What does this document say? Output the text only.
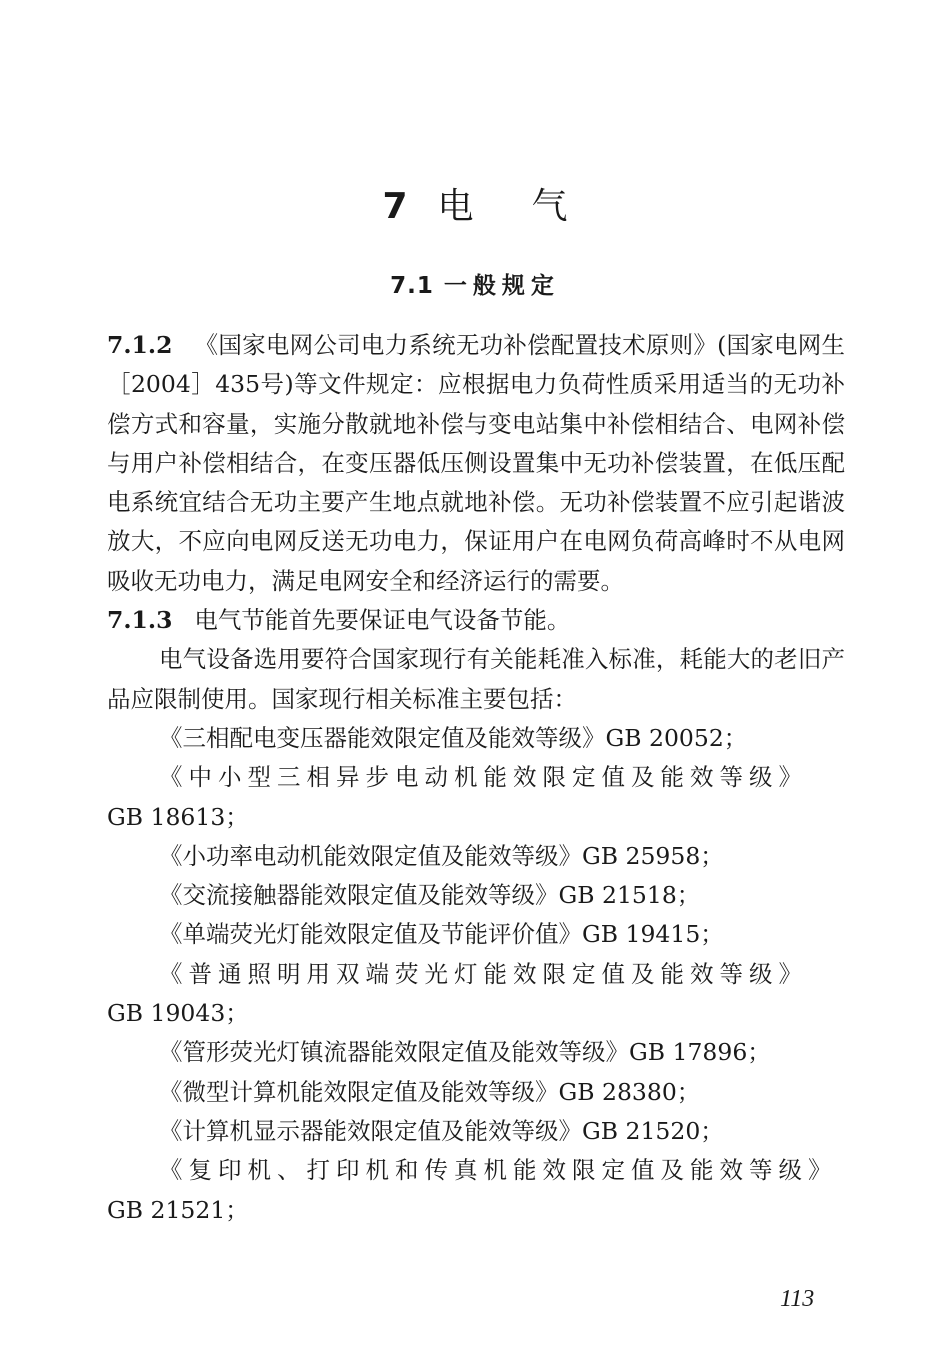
7 电 气
7.1 一般规定

7.1.2 《国家电网公司电力系统无功补偿配置技术原则》(国家电网生［2004］435号)等文件规定：应根据电力负荷性质采用适当的无功补偿方式和容量，实施分散就地补偿与变电站集中补偿相结合、电网补偿与用户补偿相结合，在变压器低压侧设置集中无功补偿装置，在低压配电系统宜结合无功主要产生地点就地补偿。无功补偿装置不应引起谐波放大，不应向电网反送无功电力，保证用户在电网负荷高峰时不从电网吸收无功电力，满足电网安全和经济运行的需要。

7.1.3 电气节能首先要保证电气设备节能。

电气设备选用要符合国家现行有关能耗准入标准，耗能大的老旧产品应限制使用。国家现行相关标准主要包括：

《三相配电变压器能效限定值及能效等级》GB 20052；

《中小型三相异步电动机能效限定值及能效等级》

GB 18613；

《小功率电动机能效限定值及能效等级》GB 25958；

《交流接触器能效限定值及能效等级》GB 21518；

《单端荧光灯能效限定值及节能评价值》GB 19415；

《普通照明用双端荧光灯能效限定值及能效等级》

GB 19043；

《管形荧光灯镇流器能效限定值及能效等级》GB 17896；

《微型计算机能效限定值及能效等级》GB 28380；

《计算机显示器能效限定值及能效等级》GB 21520；

《复印机、打印机和传真机能效限定值及能效等级》

GB 21521；

113
